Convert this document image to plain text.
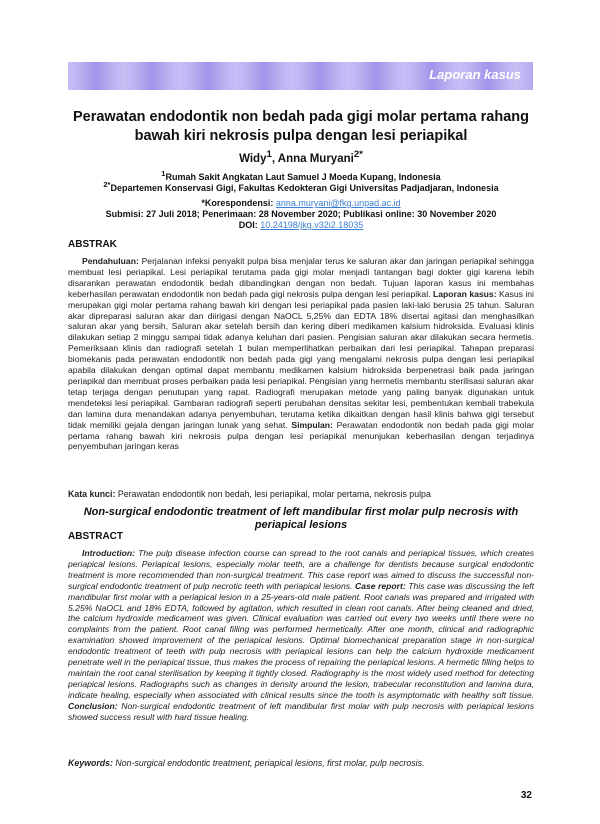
Laporan kasus
Perawatan endodontik non bedah pada gigi molar pertama rahang bawah kiri nekrosis pulpa dengan lesi periapikal
Widy$^1$, Anna Muryani$^{2*}$
$^1$Rumah Sakit Angkatan Laut Samuel J Moeda Kupang, Indonesia
$^{2*}$Departemen Konservasi Gigi, Fakultas Kedokteran Gigi Universitas Padjadjaran, Indonesia
*Korespondensi: anna.muryani@fkg.unpad.ac.id
Submisi: 27 Juli 2018; Penerimaan: 28 November 2020; Publikasi online: 30 November 2020
DOI: 10.24198/jkg.v32i2.18035
ABSTRAK

Pendahuluan: Perjalanan infeksi penyakit pulpa bisa menjalar terus ke saluran akar dan jaringan periapikal sehingga membuat lesi periapikal. Lesi periapikal terutama pada gigi molar menjadi tantangan bagi dokter gigi karena lebih disarankan perawatan endodontik bedah dibandingkan dengan non bedah. Tujuan laporan kasus ini membahas keberhasilan perawatan endodontik non bedah pada gigi nekrosis pulpa dengan lesi periapikal. Laporan kasus: Kasus ini merupakan gigi molar pertama rahang bawah kiri dengan lesi periapikal pada pasien laki-laki berusia 25 tahun. Saluran akar dipreparasi saluran akar dan diirigasi dengan NaOCL 5,25% dan EDTA 18% disertai agitasi dan menghasilkan saluran akar yang bersih, Saluran akar setelah bersih dan kering diberi medikamen kalsium hidroksida. Evaluasi klinis dilakukan setiap 2 minggu sampai tidak adanya keluhan dari pasien. Pengisian saluran akar dilakukan secara hermetis. Pemeriksaan klinis dan radiografi setelah 1 bulan memperlihatkan perbaikan dari lesi periapikal. Tahapan preparasi biomekanis pada perawatan endodontik non bedah pada gigi yang mengalami nekrosis pulpa dengan lesi periapikal apabila dilakukan dengan optimal dapat membantu medikamen kalsium hidroksida berpenetrasi baik pada jaringan periapikal dan membuat proses perbaikan pada lesi periapikal. Pengisian yang hermetis membantu sterilisasi saluran akar tetap terjaga dengan penutupan yang rapat. Radiografi merupakan metode yang paling banyak digunakan untuk mendeteksi lesi periapikal. Gambaran radiografi seperti perubahan densitas sekitar lesi, pembentukan kembali trabekula dan lamina dura menandakan adanya penyembuhan, terutama ketika dikaitkan dengan hasil klinis bahwa gigi tersebut tidak memiliki gejala dengan jaringan lunak yang sehat. Simpulan: Perawatan endodontik non bedah pada gigi molar pertama rahang bawah kiri nekrosis pulpa dengan lesi periapikal menunjukan keberhasilan dengan terjadinya penyembuhan jaringan keras

Kata kunci: Perawatan endodontik non bedah, lesi periapikal, molar pertama, nekrosis pulpa
Non-surgical endodontic treatment of left mandibular first molar pulp necrosis with periapical lesions
ABSTRACT

Introduction: The pulp disease infection course can spread to the root canals and periapical tissues, which creates periapical lesions. Periapical lesions, especially molar teeth, are a challenge for dentists because surgical endodontic treatment is more recommended than non-surgical treatment. This case report was aimed to discuss the successful non-surgical endodontic treatment of pulp necrotic teeth with periapical lesions. Case report: This case was discussing the left mandibular first molar with a periapical lesion in a 25-years-old male patient. Root canals was prepared and irrigated with 5.25% NaOCL and 18% EDTA, followed by agitation, which resulted in clean root canals. After being cleaned and dried, the calcium hydroxide medicament was given. Clinical evaluation was carried out every two weeks until there were no complaints from the patient. Root canal filling was performed hermetically. After one month, clinical and radiographic examination showed improvement of the periapical lesions. Optimal biomechanical preparation stage in non-surgical endodontic treatment of teeth with pulp necrosis with periapical lesions can help the calcium hydroxide medicament penetrate well in the periapical tissue, thus makes the process of repairing the periapical lesions. A hermetic filling helps to maintain the root canal sterilisation by keeping it tightly closed. Radiography is the most widely used method for detecting periapical lesions. Radiographs such as changes in density around the lesion, trabecular reconstitution and lamina dura, indicate healing, especially when associated with clinical results since the tooth is asymptomatic with healthy soft tissue. Conclusion: Non-surgical endodontic treatment of left mandibular first molar with pulp necrosis with periapical lesions showed success result with hard tissue healing.

Keywords: Non-surgical endodontic treatment, periapical lesions, first molar, pulp necrosis.
32
